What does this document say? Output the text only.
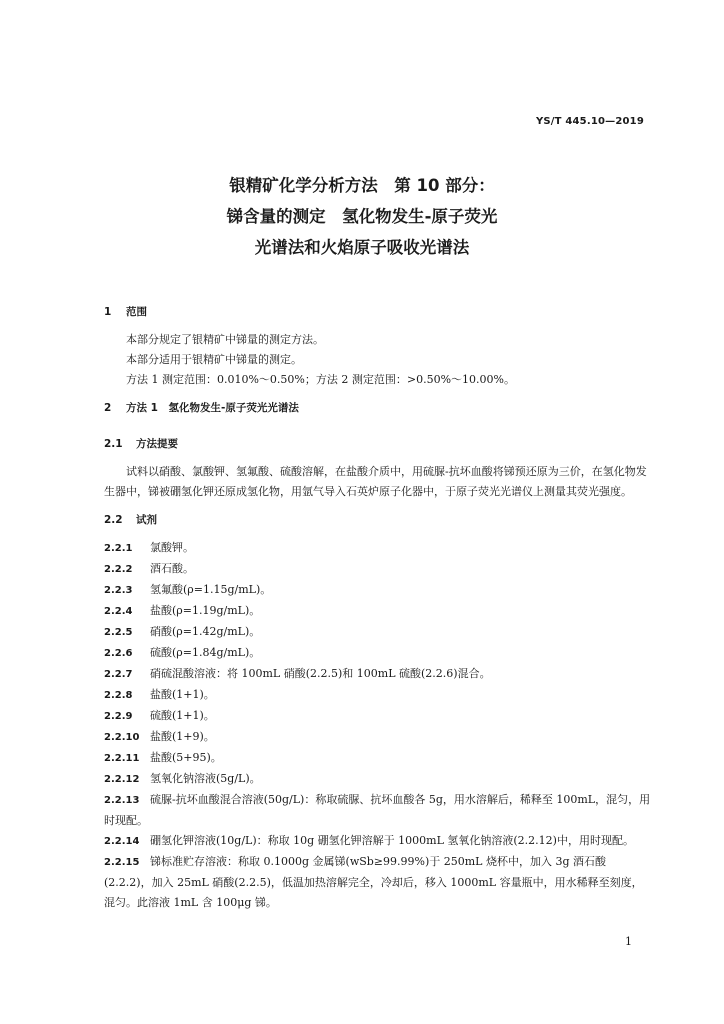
YS/T 445.10—2019
银精矿化学分析方法　第 10 部分：
锑含量的测定　氢化物发生-原子荧光
光谱法和火焰原子吸收光谱法
1 范围

本部分规定了银精矿中锑量的测定方法。

本部分适用于银精矿中锑量的测定。

方法 1 测定范围：0.010%～0.50%；方法 2 测定范围：>0.50%～10.00%。

2 方法 1　氢化物发生-原子荧光光谱法
2.1 方法提要

试料以硝酸、氯酸钾、氢氟酸、硫酸溶解，在盐酸介质中，用硫脲-抗坏血酸将锑预还原为三价，在氢化物发生器中，锑被硼氢化钾还原成氢化物，用氩气导入石英炉原子化器中，于原子荧光光谱仪上测量其荧光强度。

2.2 试剂

2.2.1 氯酸钾。

2.2.2 酒石酸。

2.2.3 氢氟酸(ρ=1.15g/mL)。

2.2.4 盐酸(ρ=1.19g/mL)。

2.2.5 硝酸(ρ=1.42g/mL)。

2.2.6 硫酸(ρ=1.84g/mL)。

2.2.7 硝硫混酸溶液：将 100mL 硝酸(2.2.5)和 100mL 硫酸(2.2.6)混合。

2.2.8 盐酸(1+1)。

2.2.9 硫酸(1+1)。

2.2.10 盐酸(1+9)。

2.2.11 盐酸(5+95)。

2.2.12 氢氧化钠溶液(5g/L)。

2.2.13 硫脲-抗坏血酸混合溶液(50g/L)：称取硫脲、抗坏血酸各 5g，用水溶解后，稀释至 100mL，混匀，用时现配。

2.2.14 硼氢化钾溶液(10g/L)：称取 10g 硼氢化钾溶解于 1000mL 氢氧化钠溶液(2.2.12)中，用时现配。

2.2.15 锑标准贮存溶液：称取 0.1000g 金属锑(wSb≥99.99%)于 250mL 烧杯中，加入 3g 酒石酸(2.2.2)，加入 25mL 硝酸(2.2.5)，低温加热溶解完全，冷却后，移入 1000mL 容量瓶中，用水稀释至刻度，混匀。此溶液 1mL 含 100μg 锑。

1
